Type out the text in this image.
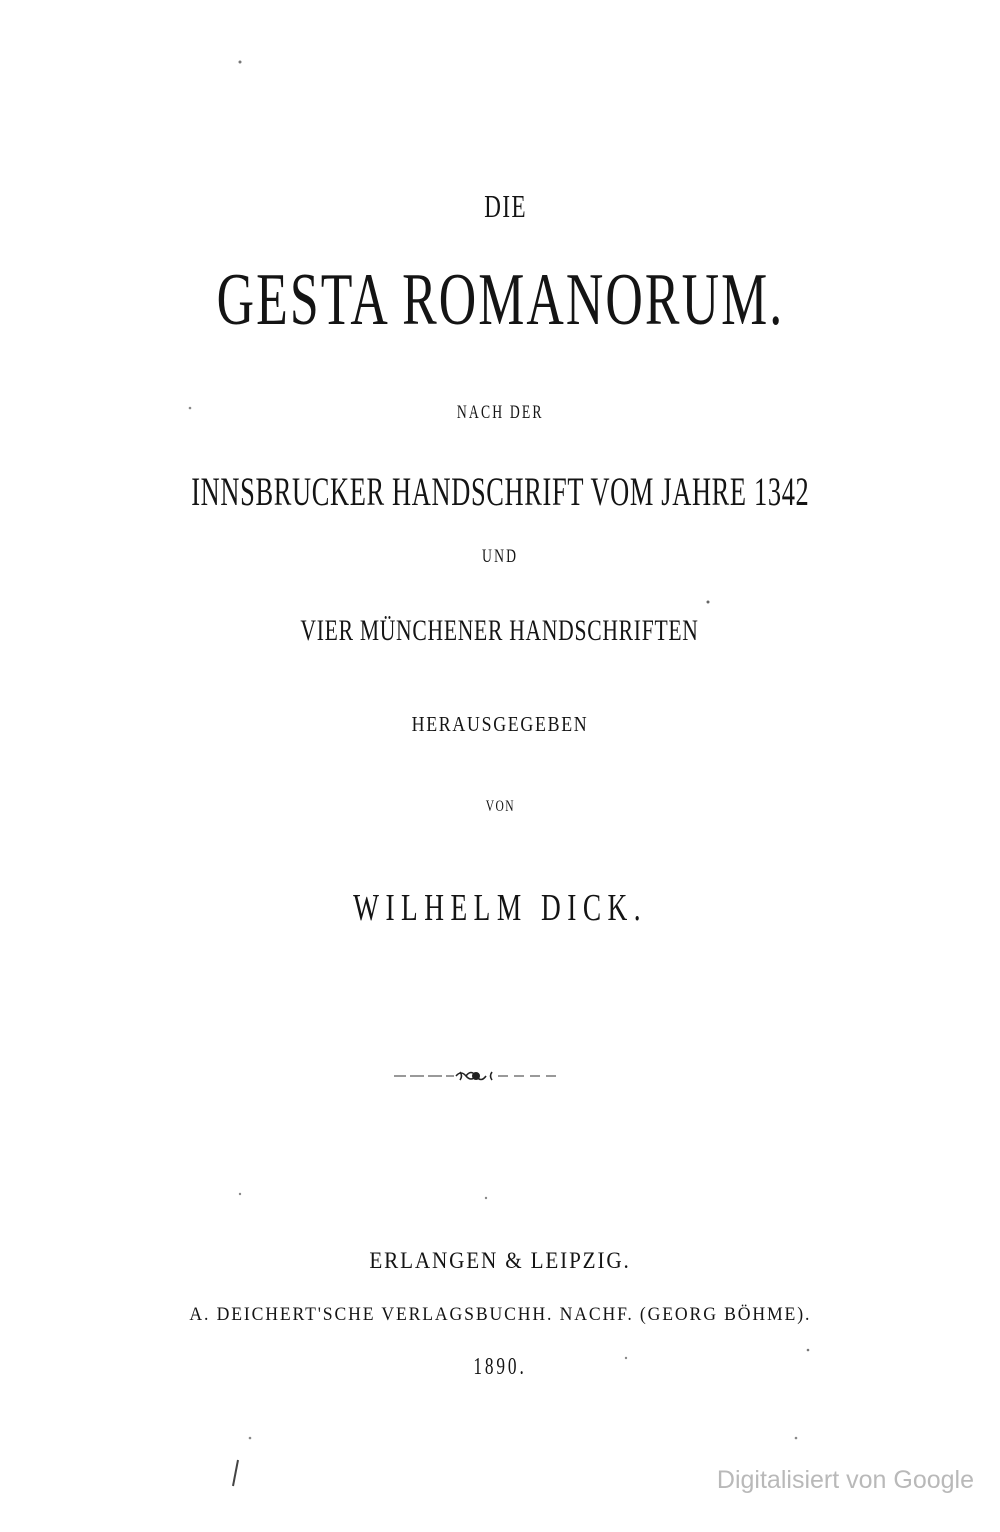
DIE
GESTA ROMANORUM.
NACH DER
INNSBRUCKER HANDSCHRIFT VOM JAHRE 1342
UND
VIER MÜNCHENER HANDSCHRIFTEN
HERAUSGEGEBEN
VON
WILHELM DICK.
ERLANGEN & LEIPZIG.
A. DEICHERT'SCHE VERLAGSBUCHH. NACHF. (GEORG BÖHME).
1890.
Digitalisiert von Google
